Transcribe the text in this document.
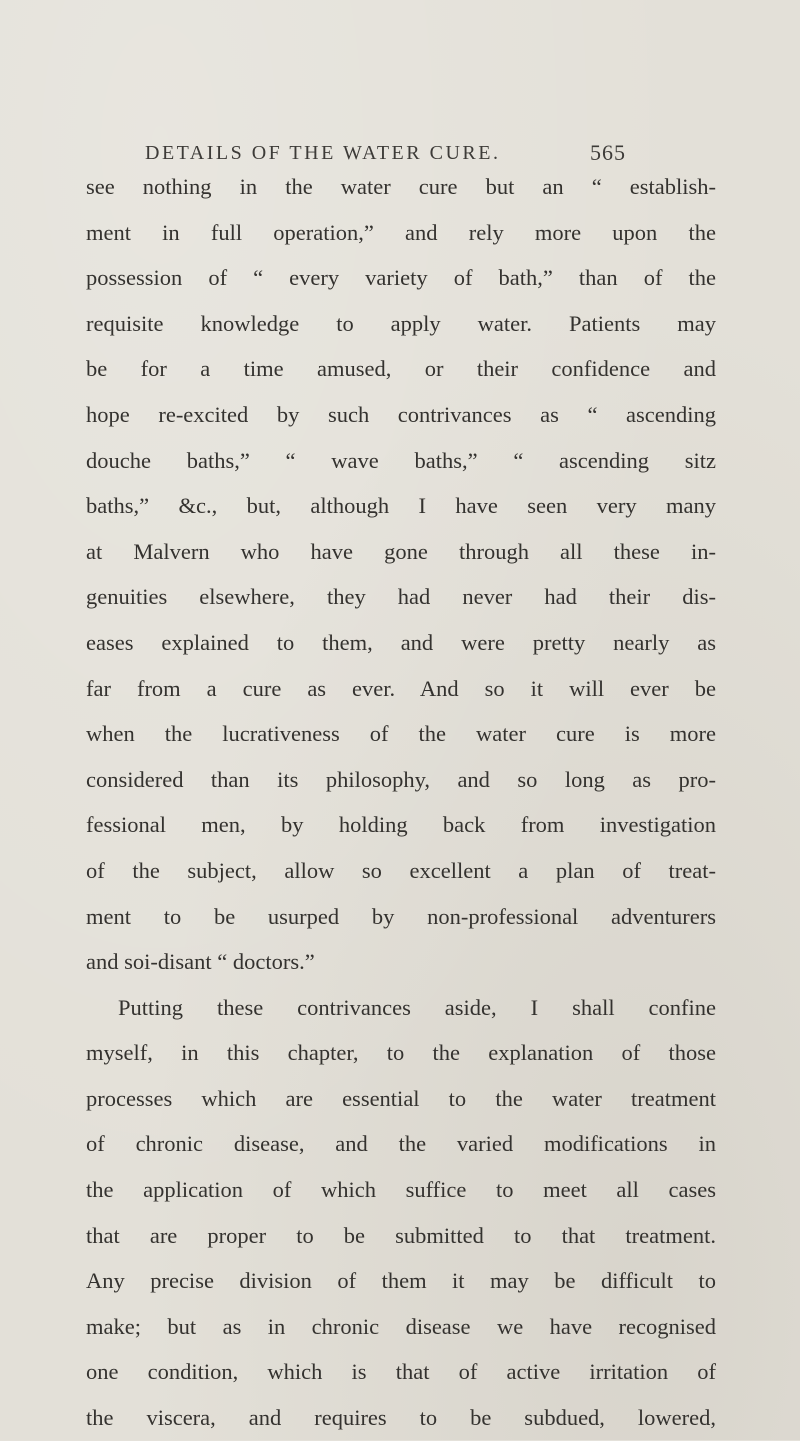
DETAILS OF THE WATER CURE.	565
see nothing in the water cure but an “ establish-
ment in full operation,” and rely more upon the
possession of “ every variety of bath,” than of the
requisite knowledge to apply water. Patients may
be for a time amused, or their confidence and
hope re-excited by such contrivances as “ ascending
douche baths,” “ wave baths,” “ ascending sitz
baths,” &c., but, although I have seen very many
at Malvern who have gone through all these in-
genuities elsewhere, they had never had their dis-
eases explained to them, and were pretty nearly as
far from a cure as ever. And so it will ever be
when the lucrativeness of the water cure is more
considered than its philosophy, and so long as pro-
fessional men, by holding back from investigation
of the subject, allow so excellent a plan of treat-
ment to be usurped by non-professional adventurers
and soi-disant “ doctors.”
Putting these contrivances aside, I shall confine
myself, in this chapter, to the explanation of those
processes which are essential to the water treatment
of chronic disease, and the varied modifications in
the application of which suffice to meet all cases
that are proper to be submitted to that treatment.
Any precise division of them it may be difficult to
make; but as in chronic disease we have recognised
one condition, which is that of active irritation of
the viscera, and requires to be subdued, lowered,
